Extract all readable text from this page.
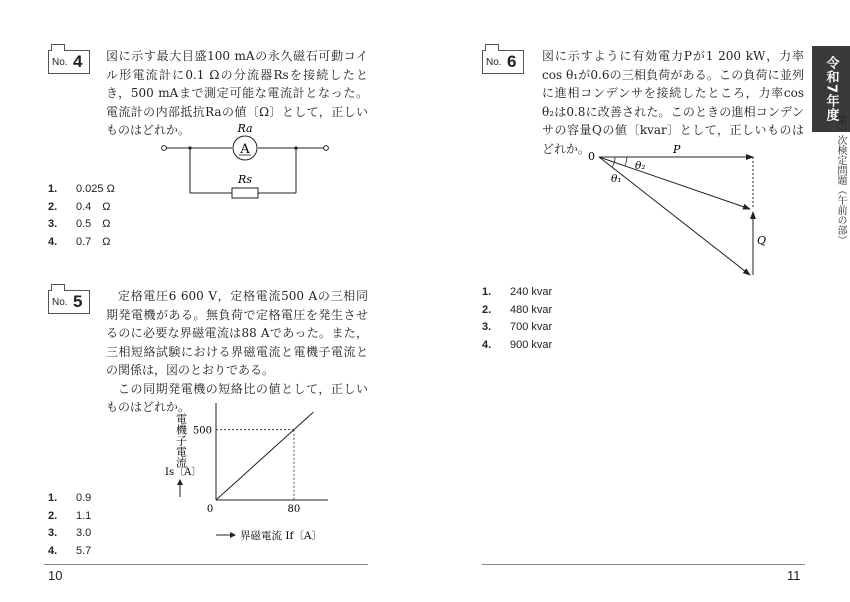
No. 4 図に示す最大目盛100 mAの永久磁石可動コイル形電流計に0.1 Ωの分流器Rsを接続したとき，500 mAまで測定可能な電流計となった。電流計の内部抵抗Raの値〔Ω〕として，正しいものはどれか。
A
Ra
Rs
1. 0.025 Ω
2. 0.4　Ω
3. 0.5　Ω
4. 0.7　Ω
No. 5	定格電圧6 600 V，定格電流500 Aの三相同期発電機がある。無負荷で定格電圧を発生させるのに必要な界磁電流は88 Aであった。また，三相短絡試験における界磁電流と電機子電流との関係は，図のとおりである。
この同期発電機の短絡比の値として，正しいものはどれか。
500
80
0
電機子電流
Is〔A〕
界磁電流 If〔A〕
1. 0.9
2. 1.1
3. 3.0
4. 5.7
10
No. 6 図に示すように有効電力Pが1 200 kW，力率cos θ₁が0.6の三相負荷がある。この負荷に並列に進相コンデンサを接続したところ，力率cos θ₂は0.8に改善された。このときの進相コンデンサの容量Qの値〔kvar〕として，正しいものはどれか。
0
P
Q
θ₂
θ₁
1. 240 kvar
2. 480 kvar
3. 700 kvar
4. 900 kvar
11
令和7年度
第一次検定問題（午前の部）
